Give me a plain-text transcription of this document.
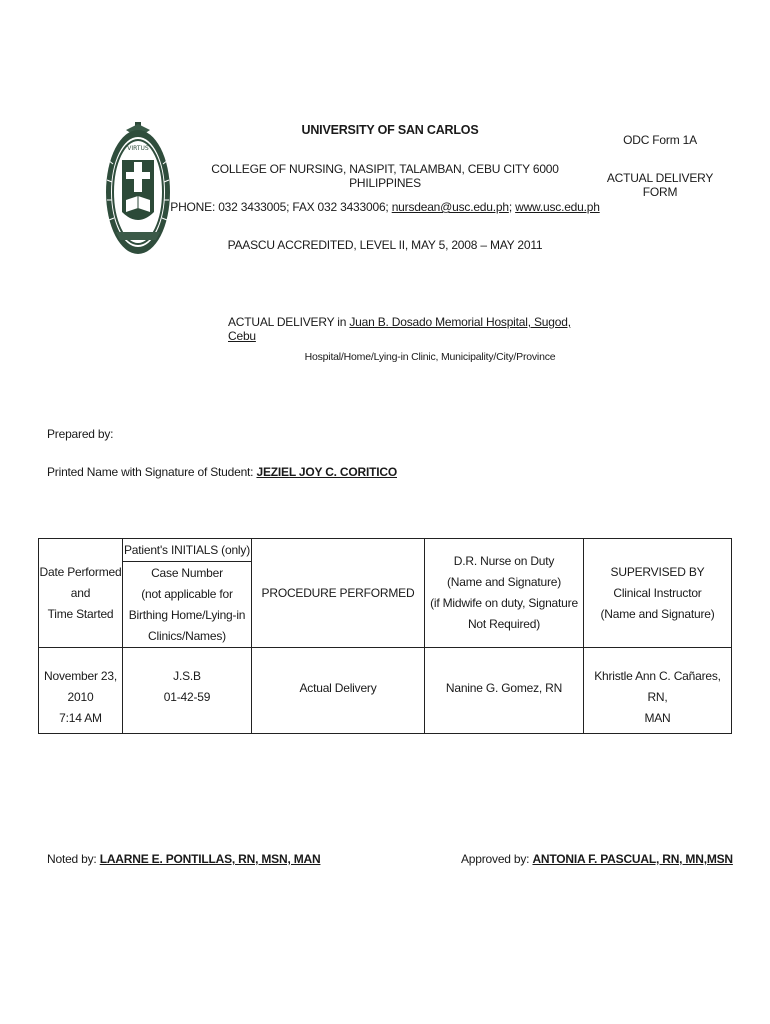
VIRTUS
UNIVERSITY OF SAN CARLOS
COLLEGE OF NURSING, NASIPIT, TALAMBAN, CEBU CITY 6000 PHILIPPINES
PHONE: 032 3433005; FAX 032 3433006; nursdean@usc.edu.ph; www.usc.edu.ph
PAASCU ACCREDITED, LEVEL II, MAY 5, 2008 – MAY 2011
ODC Form 1A
ACTUAL DELIVERY FORM
ACTUAL DELIVERY in Juan B. Dosado Memorial Hospital, Sugod, Cebu
Hospital/Home/Lying-in Clinic, Municipality/City/Province
Prepared by:
Printed Name with Signature of Student: JEZIEL JOY C. CORITICO
Date Performed
and
Time Started
Patient's INITIALS (only)
Case Number
(not applicable for
Birthing Home/Lying-in
Clinics/Names)
PROCEDURE PERFORMED
D.R. Nurse on Duty
(Name and Signature)
(if Midwife on duty, Signature
Not Required)
SUPERVISED BY
Clinical Instructor
(Name and Signature)
November 23,
2010
7:14 AM
J.S.B
01-42-59
Actual Delivery	Nanine G. Gomez, RN
Khristle Ann C. Cañares, RN,
MAN
Noted by: LAARNE E. PONTILLAS, RN, MSN, MAN	Approved by: ANTONIA F. PASCUAL, RN, MN,MSN
